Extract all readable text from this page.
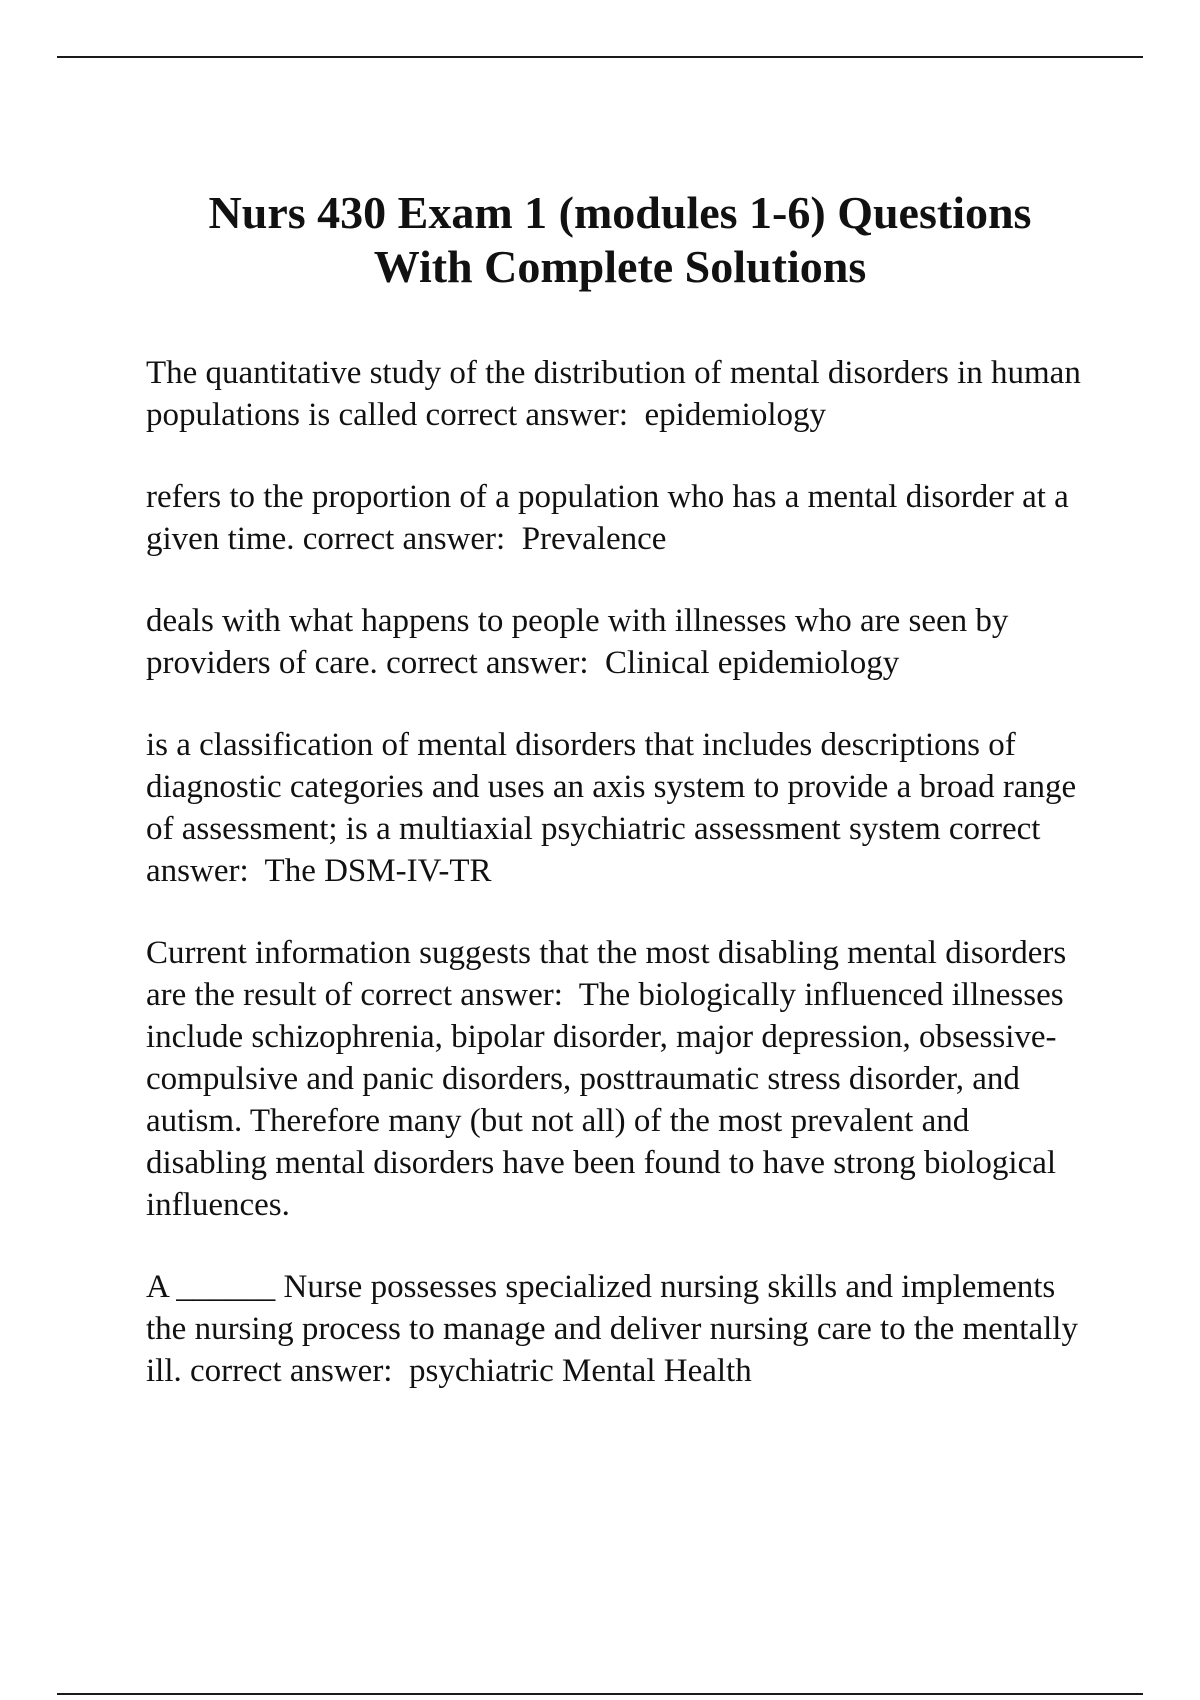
Nurs 430 Exam 1 (modules 1-6) Questions
With Complete Solutions
The quantitative study of the distribution of mental disorders in human populations is called correct answer: epidemiology
refers to the proportion of a population who has a mental disorder at a given time. correct answer: Prevalence
deals with what happens to people with illnesses who are seen by providers of care. correct answer: Clinical epidemiology
is a classification of mental disorders that includes descriptions of diagnostic categories and uses an axis system to provide a broad range of assessment; is a multiaxial psychiatric assessment system correct answer: The DSM-IV-TR
Current information suggests that the most disabling mental disorders are the result of correct answer: The biologically influenced illnesses include schizophrenia, bipolar disorder, major depression, obsessive-compulsive and panic disorders, posttraumatic stress disorder, and autism. Therefore many (but not all) of the most prevalent and disabling mental disorders have been found to have strong biological influences.
A ______ Nurse possesses specialized nursing skills and implements the nursing process to manage and deliver nursing care to the mentally ill. correct answer: psychiatric Mental Health
